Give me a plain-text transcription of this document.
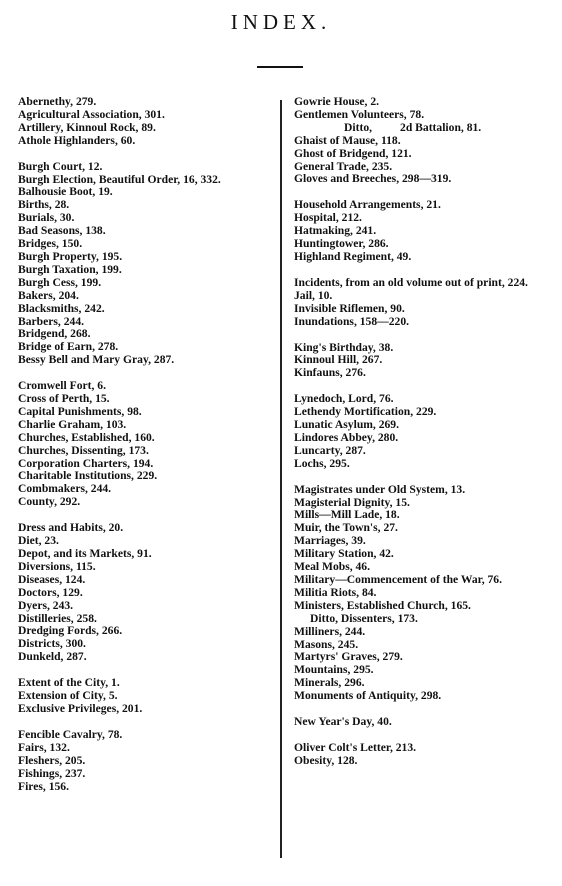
INDEX.
Abernethy, 279.
Agricultural Association, 301.
Artillery, Kinnoul Rock, 89.
Athole Highlanders, 60.
Burgh Court, 12.
Burgh Election, Beautiful Order, 16, 332.
Balhousie Boot, 19.
Births, 28.
Burials, 30.
Bad Seasons, 138.
Bridges, 150.
Burgh Property, 195.
Burgh Taxation, 199.
Burgh Cess, 199.
Bakers, 204.
Blacksmiths, 242.
Barbers, 244.
Bridgend, 268.
Bridge of Earn, 278.
Bessy Bell and Mary Gray, 287.
Cromwell Fort, 6.
Cross of Perth, 15.
Capital Punishments, 98.
Charlie Graham, 103.
Churches, Established, 160.
Churches, Dissenting, 173.
Corporation Charters, 194.
Charitable Institutions, 229.
Combmakers, 244.
County, 292.
Dress and Habits, 20.
Diet, 23.
Depot, and its Markets, 91.
Diversions, 115.
Diseases, 124.
Doctors, 129.
Dyers, 243.
Distilleries, 258.
Dredging Fords, 266.
Districts, 300.
Dunkeld, 287.
Extent of the City, 1.
Extension of City, 5.
Exclusive Privileges, 201.
Fencible Cavalry, 78.
Fairs, 132.
Fleshers, 205.
Fishings, 237.
Fires, 156.
Gowrie House, 2.
Gentlemen Volunteers, 78.
Ditto, 2d Battalion, 81.
Ghaist of Mause, 118.
Ghost of Bridgend, 121.
General Trade, 235.
Gloves and Breeches, 298—319.
Household Arrangements, 21.
Hospital, 212.
Hatmaking, 241.
Huntingtower, 286.
Highland Regiment, 49.
Incidents, from an old volume out of print, 224.
Jail, 10.
Invisible Riflemen, 90.
Inundations, 158—220.
King's Birthday, 38.
Kinnoul Hill, 267.
Kinfauns, 276.
Lynedoch, Lord, 76.
Lethendy Mortification, 229.
Lunatic Asylum, 269.
Lindores Abbey, 280.
Luncarty, 287.
Lochs, 295.
Magistrates under Old System, 13.
Magisterial Dignity, 15.
Mills—Mill Lade, 18.
Muir, the Town's, 27.
Marriages, 39.
Military Station, 42.
Meal Mobs, 46.
Military—Commencement of the War, 76.
Militia Riots, 84.
Ministers, Established Church, 165.
Ditto, Dissenters, 173.
Milliners, 244.
Masons, 245.
Martyrs' Graves, 279.
Mountains, 295.
Minerals, 296.
Monuments of Antiquity, 298.
New Year's Day, 40.
Oliver Colt's Letter, 213.
Obesity, 128.
